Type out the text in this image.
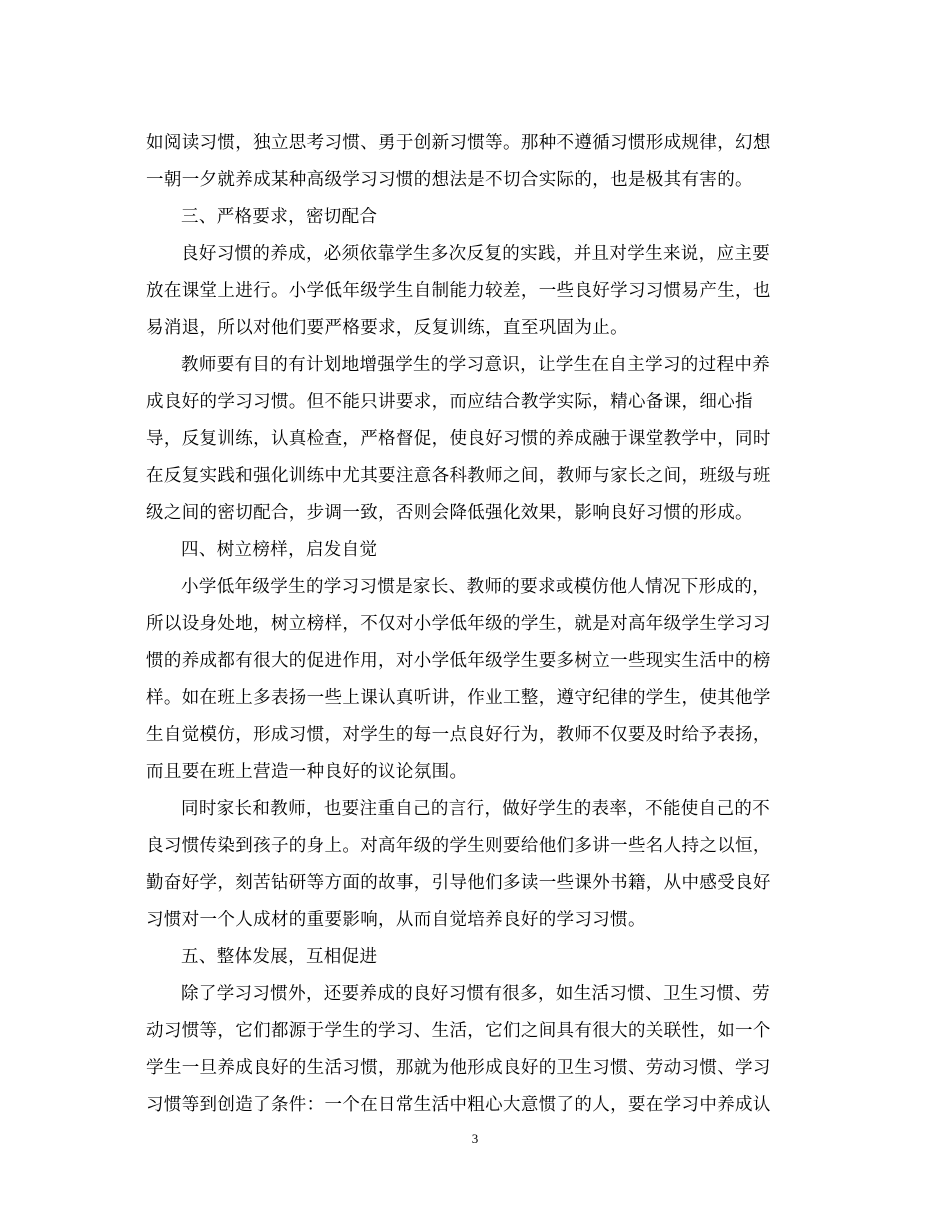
如阅读习惯，独立思考习惯、勇于创新习惯等。那种不遵循习惯形成规律，幻想
一朝一夕就养成某种高级学习习惯的想法是不切合实际的，也是极其有害的。
三、严格要求，密切配合
良好习惯的养成，必须依靠学生多次反复的实践，并且对学生来说，应主要
放在课堂上进行。小学低年级学生自制能力较差，一些良好学习习惯易产生，也
易消退，所以对他们要严格要求，反复训练，直至巩固为止。
教师要有目的有计划地增强学生的学习意识，让学生在自主学习的过程中养
成良好的学习习惯。但不能只讲要求，而应结合教学实际，精心备课，细心指
导，反复训练，认真检查，严格督促，使良好习惯的养成融于课堂教学中，同时
在反复实践和强化训练中尤其要注意各科教师之间，教师与家长之间，班级与班
级之间的密切配合，步调一致，否则会降低强化效果，影响良好习惯的形成。
四、树立榜样，启发自觉
小学低年级学生的学习习惯是家长、教师的要求或模仿他人情况下形成的，
所以设身处地，树立榜样，不仅对小学低年级的学生，就是对高年级学生学习习
惯的养成都有很大的促进作用，对小学低年级学生要多树立一些现实生活中的榜
样。如在班上多表扬一些上课认真听讲，作业工整，遵守纪律的学生，使其他学
生自觉模仿，形成习惯，对学生的每一点良好行为，教师不仅要及时给予表扬，
而且要在班上营造一种良好的议论氛围。
同时家长和教师，也要注重自己的言行，做好学生的表率，不能使自己的不
良习惯传染到孩子的身上。对高年级的学生则要给他们多讲一些名人持之以恒，
勤奋好学，刻苦钻研等方面的故事，引导他们多读一些课外书籍，从中感受良好
习惯对一个人成材的重要影响，从而自觉培养良好的学习习惯。
五、整体发展，互相促进
除了学习习惯外，还要养成的良好习惯有很多，如生活习惯、卫生习惯、劳
动习惯等，它们都源于学生的学习、生活，它们之间具有很大的关联性，如一个
学生一旦养成良好的生活习惯，那就为他形成良好的卫生习惯、劳动习惯、学习
习惯等到创造了条件：一个在日常生活中粗心大意惯了的人，要在学习中养成认
3
